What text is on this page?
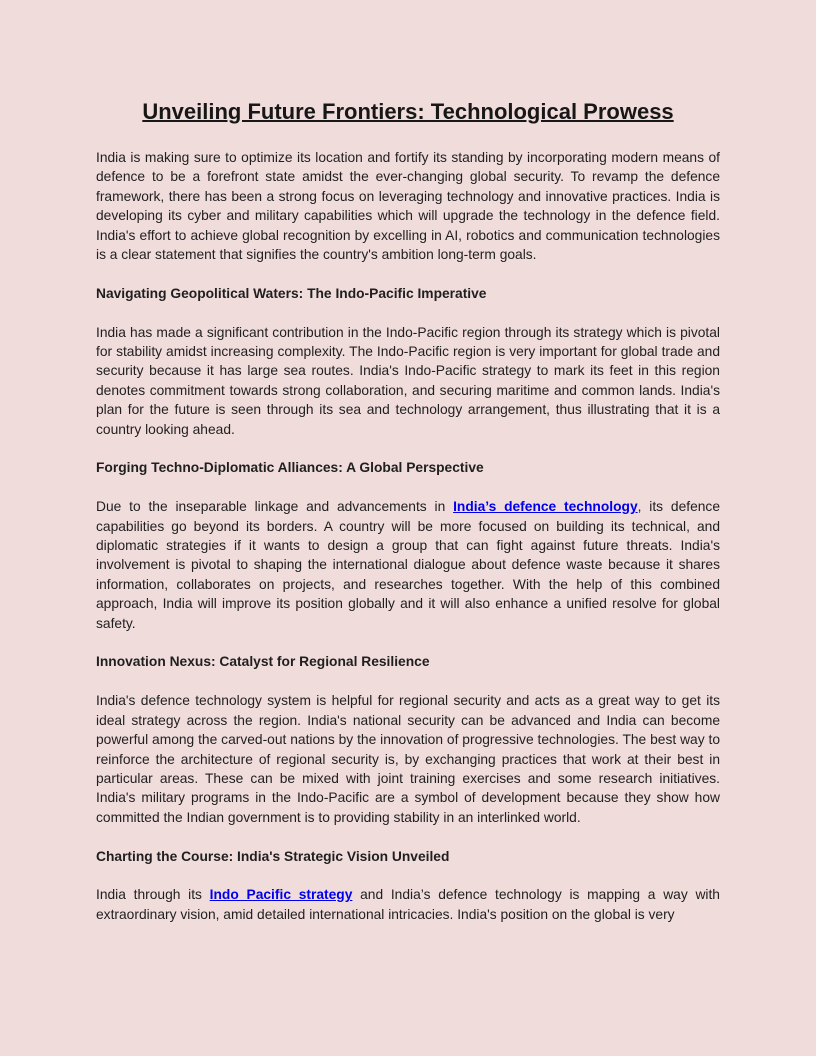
Unveiling Future Frontiers: Technological Prowess

India is making sure to optimize its location and fortify its standing by incorporating modern means of defence to be a forefront state amidst the ever-changing global security. To revamp the defence framework, there has been a strong focus on leveraging technology and innovative practices. India is developing its cyber and military capabilities which will upgrade the technology in the defence field. India's effort to achieve global recognition by excelling in AI, robotics and communication technologies is a clear statement that signifies the country's ambition long-term goals.

Navigating Geopolitical Waters: The Indo-Pacific Imperative

India has made a significant contribution in the Indo-Pacific region through its strategy which is pivotal for stability amidst increasing complexity. The Indo-Pacific region is very important for global trade and security because it has large sea routes. India's Indo-Pacific strategy to mark its feet in this region denotes commitment towards strong collaboration, and securing maritime and common lands. India's plan for the future is seen through its sea and technology arrangement, thus illustrating that it is a country looking ahead.

Forging Techno-Diplomatic Alliances: A Global Perspective

Due to the inseparable linkage and advancements in India’s defence technology, its defence capabilities go beyond its borders. A country will be more focused on building its technical, and diplomatic strategies if it wants to design a group that can fight against future threats. India's involvement is pivotal to shaping the international dialogue about defence waste because it shares information, collaborates on projects, and researches together. With the help of this combined approach, India will improve its position globally and it will also enhance a unified resolve for global safety.

Innovation Nexus: Catalyst for Regional Resilience

India's defence technology system is helpful for regional security and acts as a great way to get its ideal strategy across the region. India's national security can be advanced and India can become powerful among the carved-out nations by the innovation of progressive technologies. The best way to reinforce the architecture of regional security is, by exchanging practices that work at their best in particular areas. These can be mixed with joint training exercises and some research initiatives. India's military programs in the Indo-Pacific are a symbol of development because they show how committed the Indian government is to providing stability in an interlinked world.

Charting the Course: India's Strategic Vision Unveiled

India through its Indo Pacific strategy and India’s defence technology is mapping a way with extraordinary vision, amid detailed international intricacies. India's position on the global is very
